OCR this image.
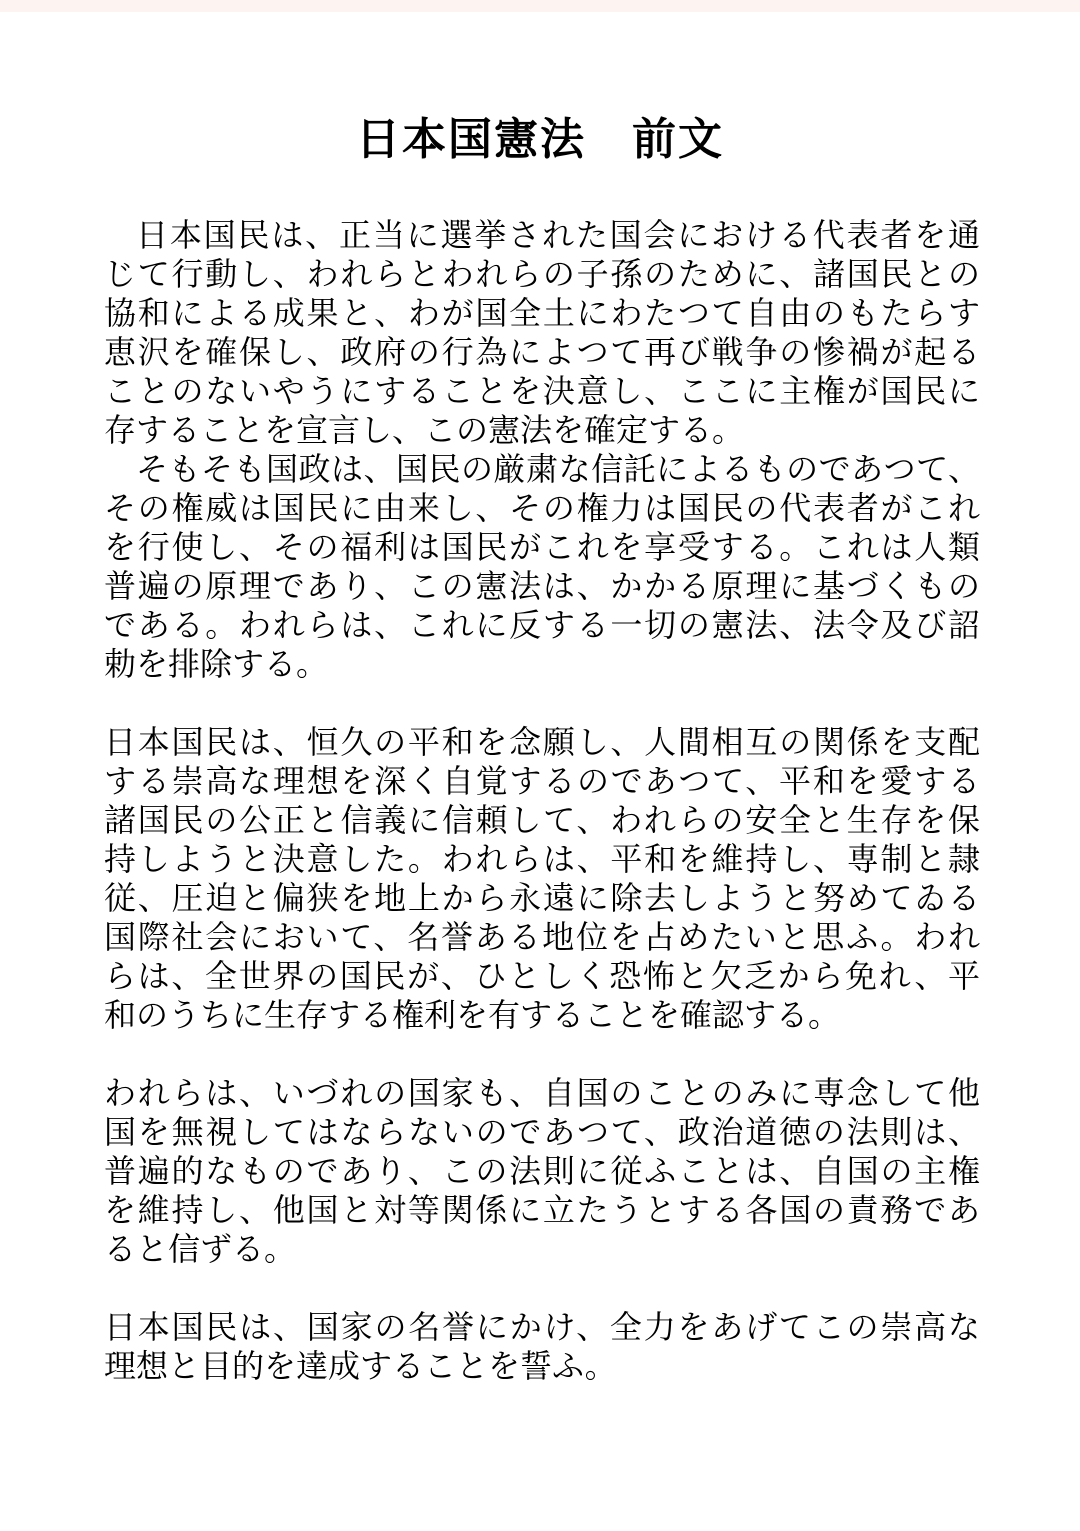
日本国憲法　前文
日本国民は、正当に選挙された国会における代表者を通
じて行動し、われらとわれらの子孫のために、諸国民との
協和による成果と、わが国全土にわたつて自由のもたらす
恵沢を確保し、政府の行為によつて再び戦争の惨禍が起る
ことのないやうにすることを決意し、ここに主権が国民に
存することを宣言し、この憲法を確定する。
そもそも国政は、国民の厳粛な信託によるものであつて、
その権威は国民に由来し、その権力は国民の代表者がこれ
を行使し、その福利は国民がこれを享受する。これは人類
普遍の原理であり、この憲法は、かかる原理に基づくもの
である。われらは、これに反する一切の憲法、法令及び詔
勅を排除する。
日本国民は、恒久の平和を念願し、人間相互の関係を支配
する崇高な理想を深く自覚するのであつて、平和を愛する
諸国民の公正と信義に信頼して、われらの安全と生存を保
持しようと決意した。われらは、平和を維持し、専制と隷
従、圧迫と偏狭を地上から永遠に除去しようと努めてゐる
国際社会において、名誉ある地位を占めたいと思ふ。われ
らは、全世界の国民が、ひとしく恐怖と欠乏から免れ、平
和のうちに生存する権利を有することを確認する。
われらは、いづれの国家も、自国のことのみに専念して他
国を無視してはならないのであつて、政治道徳の法則は、
普遍的なものであり、この法則に従ふことは、自国の主権
を維持し、他国と対等関係に立たうとする各国の責務であ
ると信ずる。
日本国民は、国家の名誉にかけ、全力をあげてこの崇高な
理想と目的を達成することを誓ふ。
